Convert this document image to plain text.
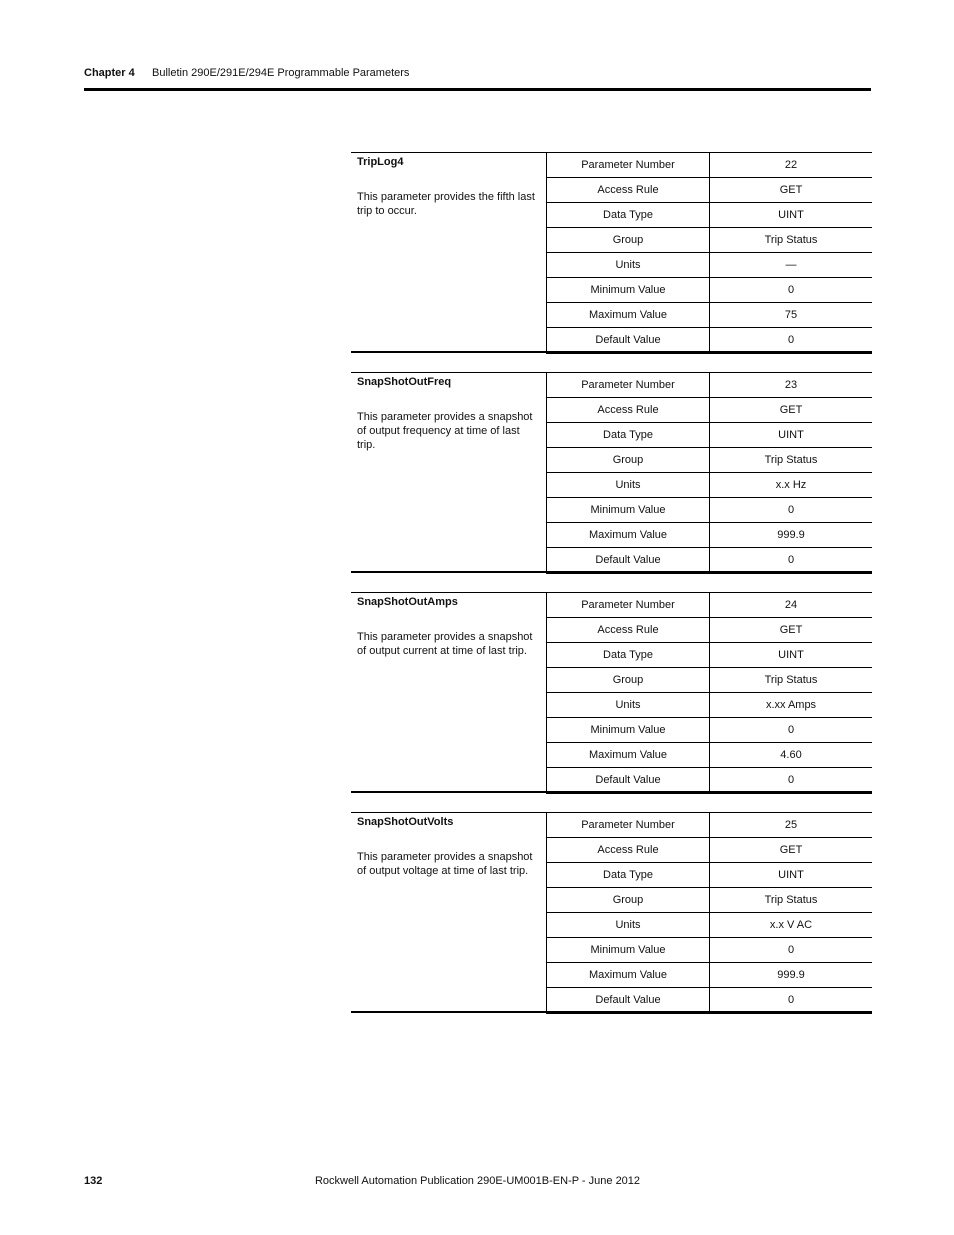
Chapter 4 Bulletin 290E/291E/294E Programmable Parameters
TripLog4
This parameter provides the fifth last trip to occur.
Parameter Number	22
Access Rule	GET
Data Type	UINT
Group	Trip Status
Units	—
Minimum Value	0
Maximum Value	75
Default Value	0
SnapShotOutFreq
This parameter provides a snapshot of output frequency at time of last trip.
Parameter Number	23
Access Rule	GET
Data Type	UINT
Group	Trip Status
Units	x.x Hz
Minimum Value	0
Maximum Value	999.9
Default Value	0
SnapShotOutAmps
This parameter provides a snapshot of output current at time of last trip.
Parameter Number	24
Access Rule	GET
Data Type	UINT
Group	Trip Status
Units	x.xx Amps
Minimum Value	0
Maximum Value	4.60
Default Value	0
SnapShotOutVolts
This parameter provides a snapshot of output voltage at time of last trip.
Parameter Number	25
Access Rule	GET
Data Type	UINT
Group	Trip Status
Units	x.x V AC
Minimum Value	0
Maximum Value	999.9
Default Value	0
132	Rockwell Automation Publication 290E-UM001B-EN-P - June 2012
